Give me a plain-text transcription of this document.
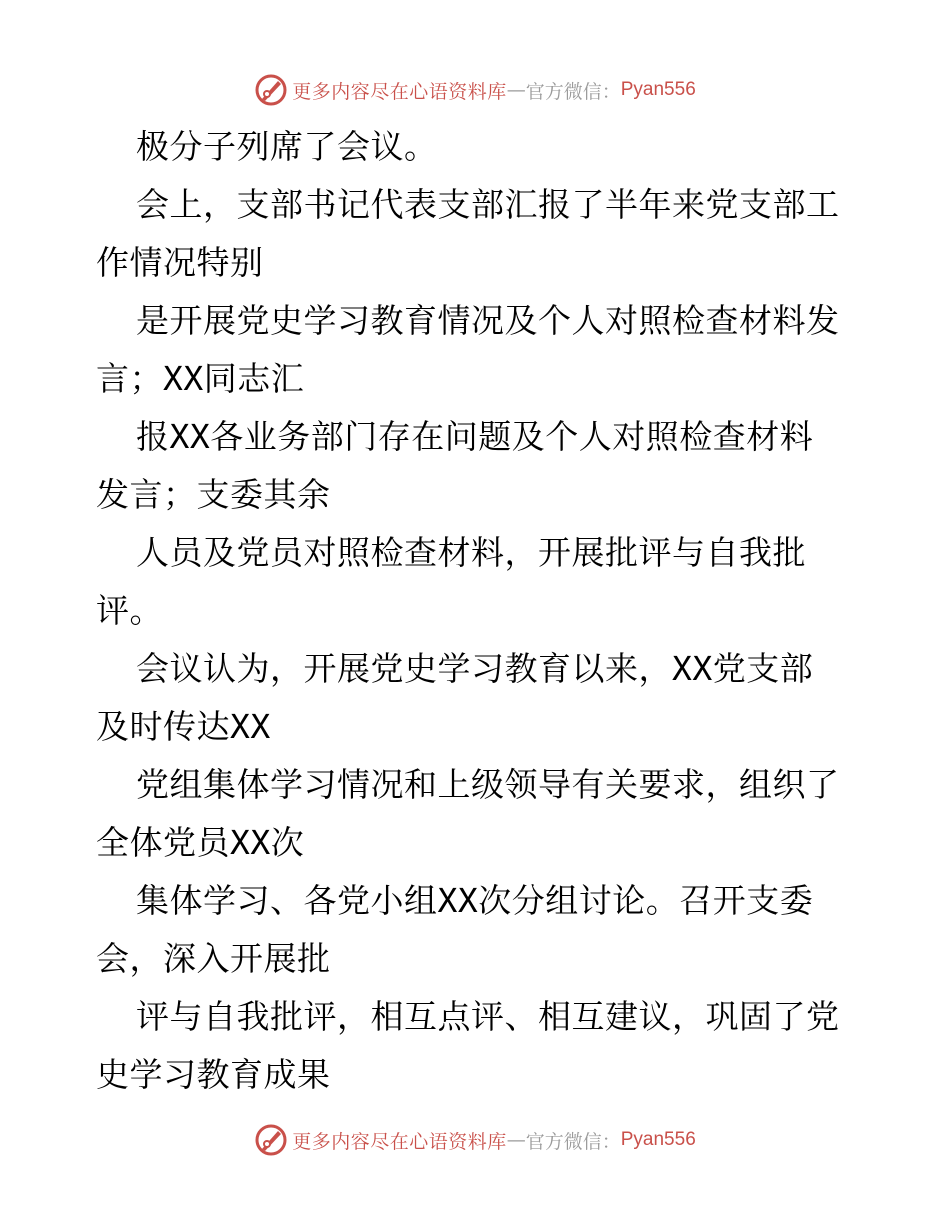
更多内容尽在心语资料库 — 官方微信： Pyan556
极分子列席了会议。
会上，支部书记代表支部汇报了半年来党支部工
作情况特别
是开展党史学习教育情况及个人对照检查材料发
言；XX同志汇
报XX各业务部门存在问题及个人对照检查材料
发言；支委其余
人员及党员对照检查材料，开展批评与自我批
评。
会议认为，开展党史学习教育以来，XX党支部
及时传达XX
党组集体学习情况和上级领导有关要求，组织了
全体党员XX次
集体学习、各党小组XX次分组讨论。召开支委
会，深入开展批
评与自我批评，相互点评、相互建议，巩固了党
史学习教育成果
更多内容尽在心语资料库 — 官方微信： Pyan556
